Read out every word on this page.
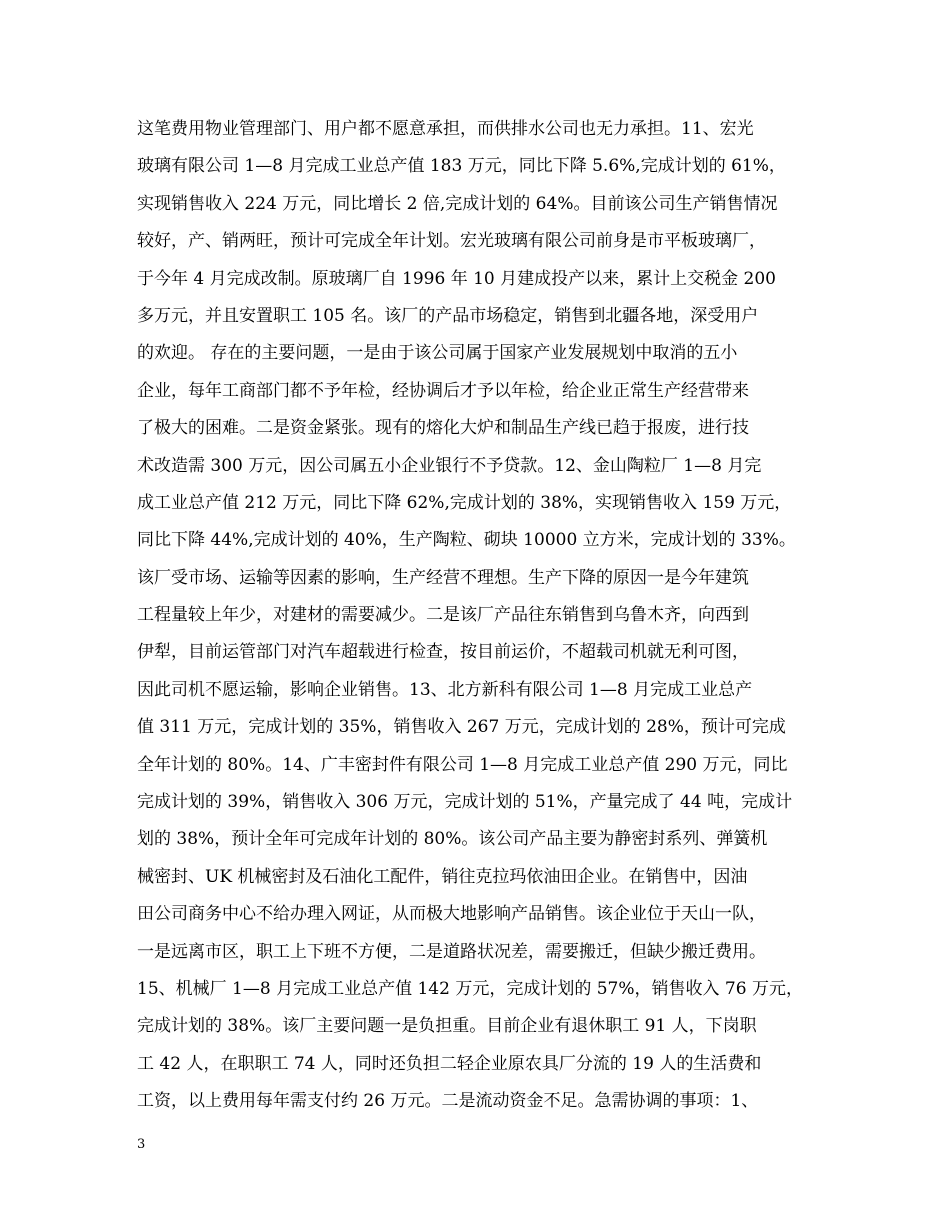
这笔费用物业管理部门、用户都不愿意承担，而供排水公司也无力承担。11、宏光
玻璃有限公司 1—8 月完成工业总产值 183 万元，同比下降 5.6%,完成计划的 61%，
实现销售收入 224 万元，同比增长 2 倍,完成计划的 64%。目前该公司生产销售情况
较好，产、销两旺，预计可完成全年计划。宏光玻璃有限公司前身是市平板玻璃厂，
于今年 4 月完成改制。原玻璃厂自 1996 年 10 月建成投产以来，累计上交税金 200
多万元，并且安置职工 105 名。该厂的产品市场稳定，销售到北疆各地，深受用户
的欢迎。 存在的主要问题，一是由于该公司属于国家产业发展规划中取消的五小
企业，每年工商部门都不予年检，经协调后才予以年检，给企业正常生产经营带来
了极大的困难。二是资金紧张。现有的熔化大炉和制品生产线已趋于报废，进行技
术改造需 300 万元，因公司属五小企业银行不予贷款。12、金山陶粒厂 1—8 月完
成工业总产值 212 万元，同比下降 62%,完成计划的 38%，实现销售收入 159 万元，
同比下降 44%,完成计划的 40%，生产陶粒、砌块 10000 立方米，完成计划的 33%。
该厂受市场、运输等因素的影响，生产经营不理想。生产下降的原因一是今年建筑
工程量较上年少，对建材的需要减少。二是该厂产品往东销售到乌鲁木齐，向西到
伊犁，目前运管部门对汽车超载进行检查，按目前运价，不超载司机就无利可图，
因此司机不愿运输，影响企业销售。13、北方新科有限公司 1—8 月完成工业总产
值 311 万元，完成计划的 35%，销售收入 267 万元，完成计划的 28%，预计可完成
全年计划的 80%。14、广丰密封件有限公司 1—8 月完成工业总产值 290 万元，同比
完成计划的 39%，销售收入 306 万元，完成计划的 51%，产量完成了 44 吨，完成计
划的 38%，预计全年可完成年计划的 80%。该公司产品主要为静密封系列、弹簧机
械密封、UK 机械密封及石油化工配件，销往克拉玛依油田企业。在销售中，因油
田公司商务中心不给办理入网证，从而极大地影响产品销售。该企业位于天山一队，
一是远离市区，职工上下班不方便，二是道路状况差，需要搬迁，但缺少搬迁费用。
15、机械厂 1—8 月完成工业总产值 142 万元，完成计划的 57%，销售收入 76 万元，
完成计划的 38%。该厂主要问题一是负担重。目前企业有退休职工 91 人，下岗职
工 42 人，在职职工 74 人，同时还负担二轻企业原农具厂分流的 19 人的生活费和
工资，以上费用每年需支付约 26 万元。二是流动资金不足。急需协调的事项：1、
3
